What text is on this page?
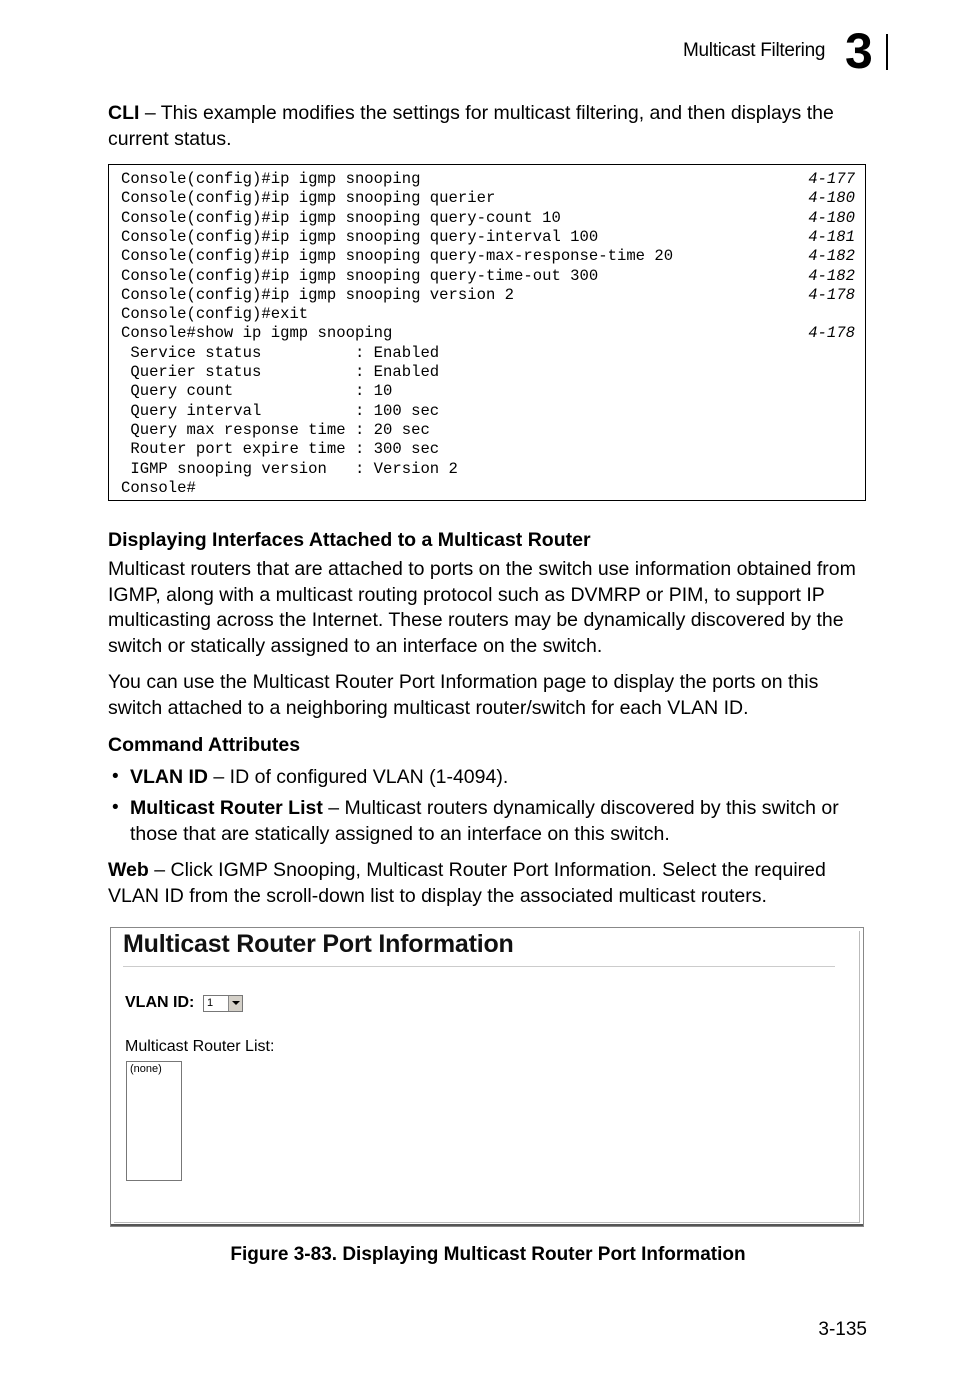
Multicast Filtering 3

CLI – This example modifies the settings for multicast filtering, and then displays the current status.

Console(config)#ip igmp snooping	4-177
Console(config)#ip igmp snooping querier	4-180
Console(config)#ip igmp snooping query-count 10	4-180
Console(config)#ip igmp snooping query-interval 100	4-181
Console(config)#ip igmp snooping query-max-response-time 20	4-182
Console(config)#ip igmp snooping query-time-out 300	4-182
Console(config)#ip igmp snooping version 2	4-178
Console(config)#exit
Console#show ip igmp snooping	4-178
Service status          : Enabled
Querier status          : Enabled
Query count             : 10
Query interval          : 100 sec
Query max response time : 20 sec
Router port expire time : 300 sec
IGMP snooping version   : Version 2
Console#
Displaying Interfaces Attached to a Multicast Router

Multicast routers that are attached to ports on the switch use information obtained from IGMP, along with a multicast routing protocol such as DVMRP or PIM, to support IP multicasting across the Internet. These routers may be dynamically discovered by the switch or statically assigned to an interface on the switch.

You can use the Multicast Router Port Information page to display the ports on this switch attached to a neighboring multicast router/switch for each VLAN ID.

Command Attributes
• VLAN ID – ID of configured VLAN (1-4094).
• Multicast Router List – Multicast routers dynamically discovered by this switch or those that are statically assigned to an interface on this switch.

Web – Click IGMP Snooping, Multicast Router Port Information. Select the required VLAN ID from the scroll-down list to display the associated multicast routers.

Multicast Router Port Information
VLAN ID: 1
Multicast Router List:
(none)
Figure 3-83. Displaying Multicast Router Port Information
3-135
